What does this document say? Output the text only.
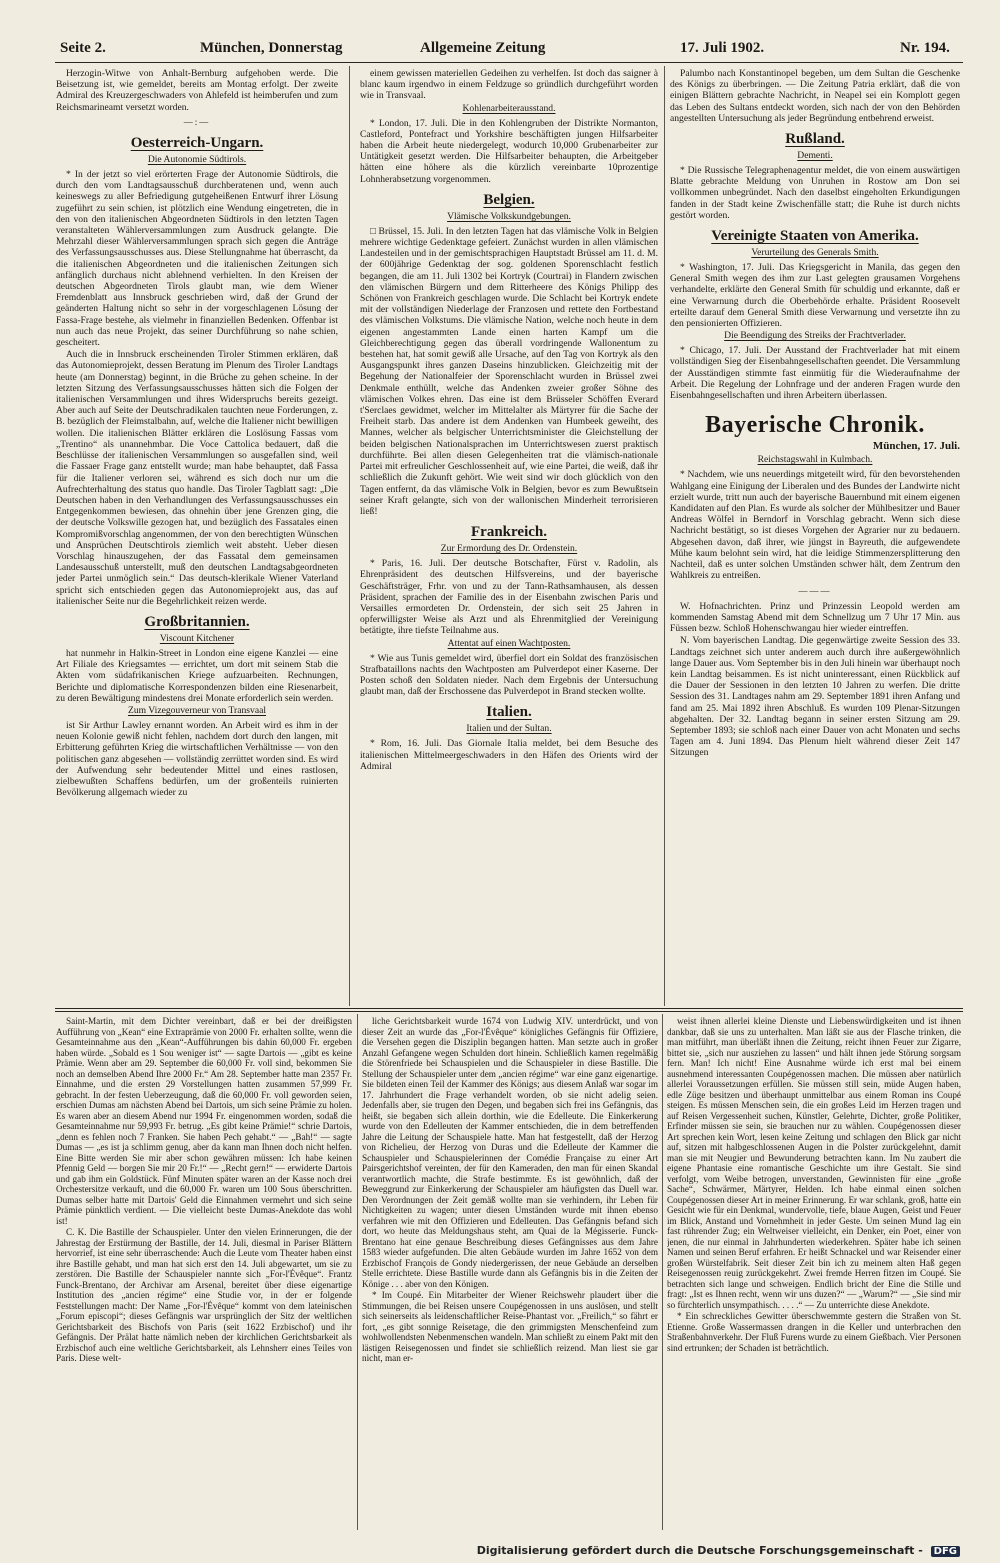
Seite 2.	München, Donnerstag	Allgemeine Zeitung	17. Juli 1902.	Nr. 194.

Herzogin-Witwe von Anhalt-Bernburg aufgehoben werde. Die Beisetzung ist, wie gemeldet, bereits am Montag erfolgt. Der zweite Admiral des Kreuzergeschwaders von Ahlefeld ist heimberufen und zum Reichsmarineamt versetzt worden.

—:—
Oesterreich-Ungarn.
Die Autonomie Südtirols.

* In der jetzt so viel erörterten Frage der Autonomie Südtirols, die durch den vom Landtagsausschuß durchberatenen und, wenn auch keineswegs zu aller Befriedigung gutgeheißenen Entwurf ihrer Lösung zugeführt zu sein schien, ist plötzlich eine Wendung eingetreten, die in den von den italienischen Abgeordneten Südtirols in den letzten Tagen veranstalteten Wählerversammlungen zum Ausdruck gelangte. Die Mehrzahl dieser Wählerversammlungen sprach sich gegen die Anträge des Verfassungsausschusses aus. Diese Stellungnahme hat überrascht, da die italienischen Abgeordneten und die italienischen Zeitungen sich anfänglich durchaus nicht ablehnend verhielten. In den Kreisen der deutschen Abgeordneten Tirols glaubt man, wie dem Wiener Fremdenblatt aus Innsbruck geschrieben wird, daß der Grund der geänderten Haltung nicht so sehr in der vorgeschlagenen Lösung der Fassa-Frage bestehe, als vielmehr in finanziellen Bedenken. Offenbar ist nun auch das neue Projekt, das seiner Durchführung so nahe schien, gescheitert.

Auch die in Innsbruck erscheinenden Tiroler Stimmen erklären, daß das Autonomieprojekt, dessen Beratung im Plenum des Tiroler Landtags heute (am Donnerstag) beginnt, in die Brüche zu gehen scheine. In der letzten Sitzung des Verfassungsausschusses hätten sich die Folgen der italienischen Versammlungen und ihres Widerspruchs bereits gezeigt. Aber auch auf Seite der Deutschradikalen tauchten neue Forderungen, z. B. bezüglich der Fleimstalbahn, auf, welche die Italiener nicht bewilligen wollen. Die italienischen Blätter erklären die Loslösung Fassas vom „Trentino“ als unannehmbar. Die Voce Cattolica bedauert, daß die Beschlüsse der italienischen Versammlungen so ausgefallen sind, weil die Fassaer Frage ganz entstellt wurde; man habe behauptet, daß Fassa für die Italiener verloren sei, während es sich doch nur um die Aufrechterhaltung des status quo handle. Das Tiroler Tagblatt sagt: „Die Deutschen haben in den Verhandlungen des Verfassungsausschusses ein Entgegenkommen bewiesen, das ohnehin über jene Grenzen ging, die der deutsche Volkswille gezogen hat, und bezüglich des Fassatales einen Kompromißvorschlag angenommen, der von den berechtigten Wünschen und Ansprüchen Deutschtirols ziemlich weit absteht. Ueber diesen Vorschlag hinauszugehen, der das Fassatal dem gemeinsamen Landesausschuß unterstellt, muß den deutschen Landtagsabgeordneten jeder Partei unmöglich sein.“ Das deutsch-klerikale Wiener Vaterland spricht sich entschieden gegen das Autonomieprojekt aus, das auf italienischer Seite nur die Begehrlichkeit reizen werde.

Großbritannien.
Viscount Kitchener

hat nunmehr in Halkin-Street in London eine eigene Kanzlei — eine Art Filiale des Kriegsamtes — errichtet, um dort mit seinem Stab die Akten vom südafrikanischen Kriege aufzuarbeiten. Rechnungen, Berichte und diplomatische Korrespondenzen bilden eine Riesenarbeit, zu deren Bewältigung mindestens drei Monate erforderlich sein werden.

Zum Vizegouverneur von Transvaal

ist Sir Arthur Lawley ernannt worden. An Arbeit wird es ihm in der neuen Kolonie gewiß nicht fehlen, nachdem dort durch den langen, mit Erbitterung geführten Krieg die wirtschaftlichen Verhältnisse — von den politischen ganz abgesehen — vollständig zerrüttet worden sind. Es wird der Aufwendung sehr bedeutender Mittel und eines rastlosen, zielbewußten Schaffens bedürfen, um der großenteils ruinierten Bevölkerung allgemach wieder zu

einem gewissen materiellen Gedeihen zu verhelfen. Ist doch das saigner à blanc kaum irgendwo in einem Feldzuge so gründlich durchgeführt worden wie in Transvaal.

Kohlenarbeiterausstand.

* London, 17. Juli. Die in den Kohlengruben der Distrikte Normanton, Castleford, Pontefract und Yorkshire beschäftigten jungen Hilfsarbeiter haben die Arbeit heute niedergelegt, wodurch 10,000 Grubenarbeiter zur Untätigkeit gesetzt werden. Die Hilfsarbeiter behaupten, die Arbeitgeber hätten eine höhere als die kürzlich vereinbarte 10prozentige Lohnherabsetzung vorgenommen.

Belgien.
Vlämische Volkskundgebungen.

□ Brüssel, 15. Juli. In den letzten Tagen hat das vlämische Volk in Belgien mehrere wichtige Gedenktage gefeiert. Zunächst wurden in allen vlämischen Landesteilen und in der gemischtsprachigen Hauptstadt Brüssel am 11. d. M. der 600jährige Gedenktag der sog. goldenen Sporenschlacht festlich begangen, die am 11. Juli 1302 bei Kortryk (Courtrai) in Flandern zwischen den vlämischen Bürgern und dem Ritterheere des Königs Philipp des Schönen von Frankreich geschlagen wurde. Die Schlacht bei Kortryk endete mit der vollständigen Niederlage der Franzosen und rettete den Fortbestand des vlämischen Volkstums. Die vlämische Nation, welche noch heute in dem eigenen angestammten Lande einen harten Kampf um die Gleichberechtigung gegen das überall vordringende Wallonentum zu bestehen hat, hat somit gewiß alle Ursache, auf den Tag von Kortryk als den Ausgangspunkt ihres ganzen Daseins hinzublicken. Gleichzeitig mit der Begehung der Nationalfeier der Sporenschlacht wurden in Brüssel zwei Denkmale enthüllt, welche das Andenken zweier großer Söhne des vlämischen Volkes ehren. Das eine ist dem Brüsseler Schöffen Everard t'Serclaes gewidmet, welcher im Mittelalter als Märtyrer für die Sache der Freiheit starb. Das andere ist dem Andenken van Humbeek geweiht, des Mannes, welcher als belgischer Unterrichtsminister die Gleichstellung der beiden belgischen Nationalsprachen im Unterrichtswesen zuerst praktisch durchführte. Bei allen diesen Gelegenheiten trat die vlämisch-nationale Partei mit erfreulicher Geschlossenheit auf, wie eine Partei, die weiß, daß ihr schließlich die Zukunft gehört. Wie weit sind wir doch glücklich von den Tagen entfernt, da das vlämische Volk in Belgien, bevor es zum Bewußtsein seiner Kraft gelangte, sich von der wallonischen Minderheit terrorisieren ließ!

Frankreich.
Zur Ermordung des Dr. Ordenstein.

* Paris, 16. Juli. Der deutsche Botschafter, Fürst v. Radolin, als Ehrenpräsident des deutschen Hilfsvereins, und der bayerische Geschäftsträger, Frhr. von und zu der Tann-Rathsamhausen, als dessen Präsident, sprachen der Familie des in der Eisenbahn zwischen Paris und Versailles ermordeten Dr. Ordenstein, der sich seit 25 Jahren in opferwilligster Weise als Arzt und als Ehrenmitglied der Vereinigung betätigte, ihre tiefste Teilnahme aus.

Attentat auf einen Wachtposten.

* Wie aus Tunis gemeldet wird, überfiel dort ein Soldat des französischen Strafbataillons nachts den Wachtposten am Pulverdepot einer Kaserne. Der Posten schoß den Soldaten nieder. Nach dem Ergebnis der Untersuchung glaubt man, daß der Erschossene das Pulverdepot in Brand stecken wollte.

Italien.
Italien und der Sultan.

* Rom, 16. Juli. Das Giornale Italia meldet, bei dem Besuche des italienischen Mittelmeergeschwaders in den Häfen des Orients wird der Admiral

Palumbo nach Konstantinopel begeben, um dem Sultan die Geschenke des Königs zu überbringen. — Die Zeitung Patria erklärt, daß die von einigen Blättern gebrachte Nachricht, in Neapel sei ein Komplott gegen das Leben des Sultans entdeckt worden, sich nach der von den Behörden angestellten Untersuchung als jeder Begründung entbehrend erweist.

Rußland.
Dementi.

* Die Russische Telegraphenagentur meldet, die von einem auswärtigen Blatte gebrachte Meldung von Unruhen in Rostow am Don sei vollkommen unbegründet. Nach den daselbst eingeholten Erkundigungen fanden in der Stadt keine Zwischenfälle statt; die Ruhe ist durch nichts gestört worden.

Vereinigte Staaten von Amerika.
Verurteilung des Generals Smith.

* Washington, 17. Juli. Das Kriegsgericht in Manila, das gegen den General Smith wegen des ihm zur Last gelegten grausamen Vorgehens verhandelte, erklärte den General Smith für schuldig und erkannte, daß er eine Verwarnung durch die Oberbehörde erhalte. Präsident Roosevelt erteilte darauf dem General Smith diese Verwarnung und versetzte ihn zu den pensionierten Offizieren.

Die Beendigung des Streiks der Frachtverlader.

* Chicago, 17. Juli. Der Ausstand der Frachtverlader hat mit einem vollständigen Sieg der Eisenbahngesellschaften geendet. Die Versammlung der Ausständigen stimmte fast einmütig für die Wiederaufnahme der Arbeit. Die Regelung der Lohnfrage und der anderen Fragen wurde den Eisenbahngesellschaften und ihren Arbeitern überlassen.

Bayerische Chronik.
München, 17. Juli.
Reichstagswahl in Kulmbach.

* Nachdem, wie uns neuerdings mitgeteilt wird, für den bevorstehenden Wahlgang eine Einigung der Liberalen und des Bundes der Landwirte nicht erzielt wurde, tritt nun auch der bayerische Bauernbund mit einem eigenen Kandidaten auf den Plan. Es wurde als solcher der Mühlbesitzer und Bauer Andreas Wölfel in Berndorf in Vorschlag gebracht. Wenn sich diese Nachricht bestätigt, so ist dieses Vorgehen der Agrarier nur zu bedauern. Abgesehen davon, daß ihrer, wie jüngst in Bayreuth, die aufgewendete Mühe kaum belohnt sein wird, hat die leidige Stimmenzersplitterung den Nachteil, daß es unter solchen Umständen schwer hält, dem Zentrum den Wahlkreis zu entreißen.

———

W. Hofnachrichten. Prinz und Prinzessin Leopold werden am kommenden Samstag Abend mit dem Schnellzug um 7 Uhr 17 Min. aus Füssen bezw. Schloß Hohenschwangau hier wieder eintreffen.

N. Vom bayerischen Landtag. Die gegenwärtige zweite Session des 33. Landtags zeichnet sich unter anderem auch durch ihre außergewöhnlich lange Dauer aus. Vom September bis in den Juli hinein war überhaupt noch kein Landtag beisammen. Es ist nicht uninteressant, einen Rückblick auf die Dauer der Sessionen in den letzten 10 Jahren zu werfen. Die dritte Session des 31. Landtages nahm am 29. September 1891 ihren Anfang und fand am 25. Mai 1892 ihren Abschluß. Es wurden 109 Plenar-Sitzungen abgehalten. Der 32. Landtag begann in seiner ersten Sitzung am 29. September 1893; sie schloß nach einer Dauer von acht Monaten und sechs Tagen am 4. Juni 1894. Das Plenum hielt während dieser Zeit 147 Sitzungen

Saint-Martin, mit dem Dichter vereinbart, daß er bei der dreißigsten Aufführung von „Kean“ eine Extraprämie von 2000 Fr. erhalten sollte, wenn die Gesamteinnahme aus den „Kean“-Aufführungen bis dahin 60,000 Fr. ergeben haben würde. „Sobald es 1 Sou weniger ist“ — sagte Dartois — „gibt es keine Prämie. Wenn aber am 29. September die 60,000 Fr. voll sind, bekommen Sie noch an demselben Abend Ihre 2000 Fr.“ Am 28. September hatte man 2357 Fr. Einnahme, und die ersten 29 Vorstellungen hatten zusammen 57,999 Fr. gebracht. In der festen Ueberzeugung, daß die 60,000 Fr. voll geworden seien, erschien Dumas am nächsten Abend bei Dartois, um sich seine Prämie zu holen. Es waren aber an diesem Abend nur 1994 Fr. eingenommen worden, sodaß die Gesamteinnahme nur 59,993 Fr. betrug. „Es gibt keine Prämie!“ schrie Dartois, „denn es fehlen noch 7 Franken. Sie haben Pech gehabt.“ — „Bah!“ — sagte Dumas — „es ist ja schlimm genug, aber da kann man Ihnen doch nicht helfen. Eine Bitte werden Sie mir aber schon gewähren müssen: Ich habe keinen Pfennig Geld — borgen Sie mir 20 Fr.!“ — „Recht gern!“ — erwiderte Dartois und gab ihm ein Goldstück. Fünf Minuten später waren an der Kasse noch drei Orchestersitze verkauft, und die 60,000 Fr. waren um 100 Sous überschritten. Dumas selber hatte mit Dartois' Geld die Einnahmen vermehrt und sich seine Prämie pünktlich verdient. — Die vielleicht beste Dumas-Anekdote das wohl ist!

C. K. Die Bastille der Schauspieler. Unter den vielen Erinnerungen, die der Jahrestag der Erstürmung der Bastille, der 14. Juli, diesmal in Pariser Blättern hervorrief, ist eine sehr überraschende: Auch die Leute vom Theater haben einst ihre Bastille gehabt, und man hat sich erst den 14. Juli abgewartet, um sie zu zerstören. Die Bastille der Schauspieler nannte sich „For-l'Évêque“. Frantz Funck-Brentano, der Archivar am Arsenal, bereitet über diese eigenartige Institution des „ancien régime“ eine Studie vor, in der er folgende Feststellungen macht: Der Name „For-l'Évêque“ kommt von dem lateinischen „Forum episcopi“; dieses Gefängnis war ursprünglich der Sitz der weltlichen Gerichtsbarkeit des Bischofs von Paris (seit 1622 Erzbischof) und ihr Gefängnis. Der Prälat hatte nämlich neben der kirchlichen Gerichtsbarkeit als Erzbischof auch eine weltliche Gerichtsbarkeit, als Lehnsherr eines Teiles von Paris. Diese welt-

liche Gerichtsbarkeit wurde 1674 von Ludwig XIV. unterdrückt, und von dieser Zeit an wurde das „For-l'Évêque“ königliches Gefängnis für Offiziere, die Versehen gegen die Disziplin begangen hatten. Man setzte auch in großer Anzahl Gefangene wegen Schulden dort hinein. Schließlich kamen regelmäßig die Störenfriede bei Schauspielen und die Schauspieler in diese Bastille. Die Stellung der Schauspieler unter dem „ancien régime“ war eine ganz eigenartige. Sie bildeten einen Teil der Kammer des Königs; aus diesem Anlaß war sogar im 17. Jahrhundert die Frage verhandelt worden, ob sie nicht adelig seien. Jedenfalls aber, sie trugen den Degen, und begaben sich frei ins Gefängnis, das heißt, sie begaben sich allein dorthin, wie die Edelleute. Die Einkerkerung wurde von den Edelleuten der Kammer entschieden, die in dem betreffenden Jahre die Leitung der Schauspiele hatte. Man hat festgestellt, daß der Herzog von Richelieu, der Herzog von Duras und die Edelleute der Kammer die Schauspieler und Schauspielerinnen der Comédie Française zu einer Art Pairsgerichtshof vereinten, der für den Kameraden, den man für einen Skandal verantwortlich machte, die Strafe bestimmte. Es ist gewöhnlich, daß der Beweggrund zur Einkerkerung der Schauspieler am häufigsten das Duell war. Den Verordnungen der Zeit gemäß wollte man sie verhindern, ihr Leben für Nichtigkeiten zu wagen; unter diesen Umständen wurde mit ihnen ebenso verfahren wie mit den Offizieren und Edelleuten. Das Gefängnis befand sich dort, wo heute das Meldungshaus steht, am Quai de la Mégisserie. Funck-Brentano hat eine genaue Beschreibung dieses Gefängnisses aus dem Jahre 1583 wieder aufgefunden. Die alten Gebäude wurden im Jahre 1652 von dem Erzbischof François de Gondy niedergerissen, der neue Gebäude an derselben Stelle errichtete. Diese Bastille wurde dann als Gefängnis bis in die Zeiten der Könige . . . aber von den Königen.

* Im Coupé. Ein Mitarbeiter der Wiener Reichswehr plaudert über die Stimmungen, die bei Reisen unsere Coupégenossen in uns auslösen, und stellt sich seinerseits als leidenschaftlicher Reise-Phantast vor. „Freilich,“ so fährt er fort, „es gibt sonnige Reisetage, die den grimmigsten Menschenfeind zum wohlwollendsten Nebenmenschen wandeln. Man schließt zu einem Pakt mit den lästigen Reisegenossen und findet sie schließlich reizend. Man liest sie gar nicht, man er-

weist ihnen allerlei kleine Dienste und Liebenswürdigkeiten und ist ihnen dankbar, daß sie uns zu unterhalten. Man läßt sie aus der Flasche trinken, die man mitführt, man überläßt ihnen die Zeitung, reicht ihnen Feuer zur Zigarre, bittet sie, „sich nur ausziehen zu lassen“ und hält ihnen jede Störung sorgsam fern. Man! Ich nicht! Eine Ausnahme würde ich erst mal bei einem ausnehmend interessanten Coupégenossen machen. Die müssen aber natürlich allerlei Voraussetzungen erfüllen. Sie müssen still sein, müde Augen haben, edle Züge besitzen und überhaupt unmittelbar aus einem Roman ins Coupé steigen. Es müssen Menschen sein, die ein großes Leid im Herzen tragen und auf Reisen Vergessenheit suchen, Künstler, Gelehrte, Dichter, große Politiker, Erfinder müssen sie sein, sie brauchen nur zu wählen. Coupégenossen dieser Art sprechen kein Wort, lesen keine Zeitung und schlagen den Blick gar nicht auf, sitzen mit halbgeschlossenen Augen in die Polster zurückgelehnt, damit man sie mit Neugier und Bewunderung betrachten kann. Im Nu zaubert die eigene Phantasie eine romantische Geschichte um ihre Gestalt. Sie sind verfolgt, vom Weibe betrogen, unverstanden, Gewinnisten für eine „große Sache“, Schwärmer, Märtyrer, Helden. Ich habe einmal einen solchen Coupégenossen dieser Art in meiner Erinnerung. Er war schlank, groß, hatte ein Gesicht wie für ein Denkmal, wundervolle, tiefe, blaue Augen, Geist und Feuer im Blick, Anstand und Vornehmheit in jeder Geste. Um seinen Mund lag ein fast rührender Zug; ein Weltweiser vielleicht, ein Denker, ein Poet, einer von jenen, die nur einmal in Jahrhunderten wiederkehren. Später habe ich seinen Namen und seinen Beruf erfahren. Er heißt Schnackel und war Reisender einer großen Würstelfabrik. Seit dieser Zeit bin ich zu meinem alten Haß gegen Reisegenossen reuig zurückgekehrt. Zwei fremde Herren fitzen im Coupé. Sie betrachten sich lange und schweigen. Endlich bricht der Eine die Stille und fragt: „Ist es Ihnen recht, wenn wir uns duzen?“ — „Warum?“ — „Sie sind mir so fürchterlich unsympathisch. . . . .“ — Zu unterrichte diese Anekdote.

* Ein schreckliches Gewitter überschwemmte gestern die Straßen von St. Etienne. Große Wassermassen drangen in die Keller und unterbrachen den Straßenbahnverkehr. Der Fluß Furens wurde zu einem Gießbach. Vier Personen sind ertrunken; der Schaden ist beträchtlich.

Digitalisierung gefördert durch die Deutsche Forschungsgemeinschaft - DFG
